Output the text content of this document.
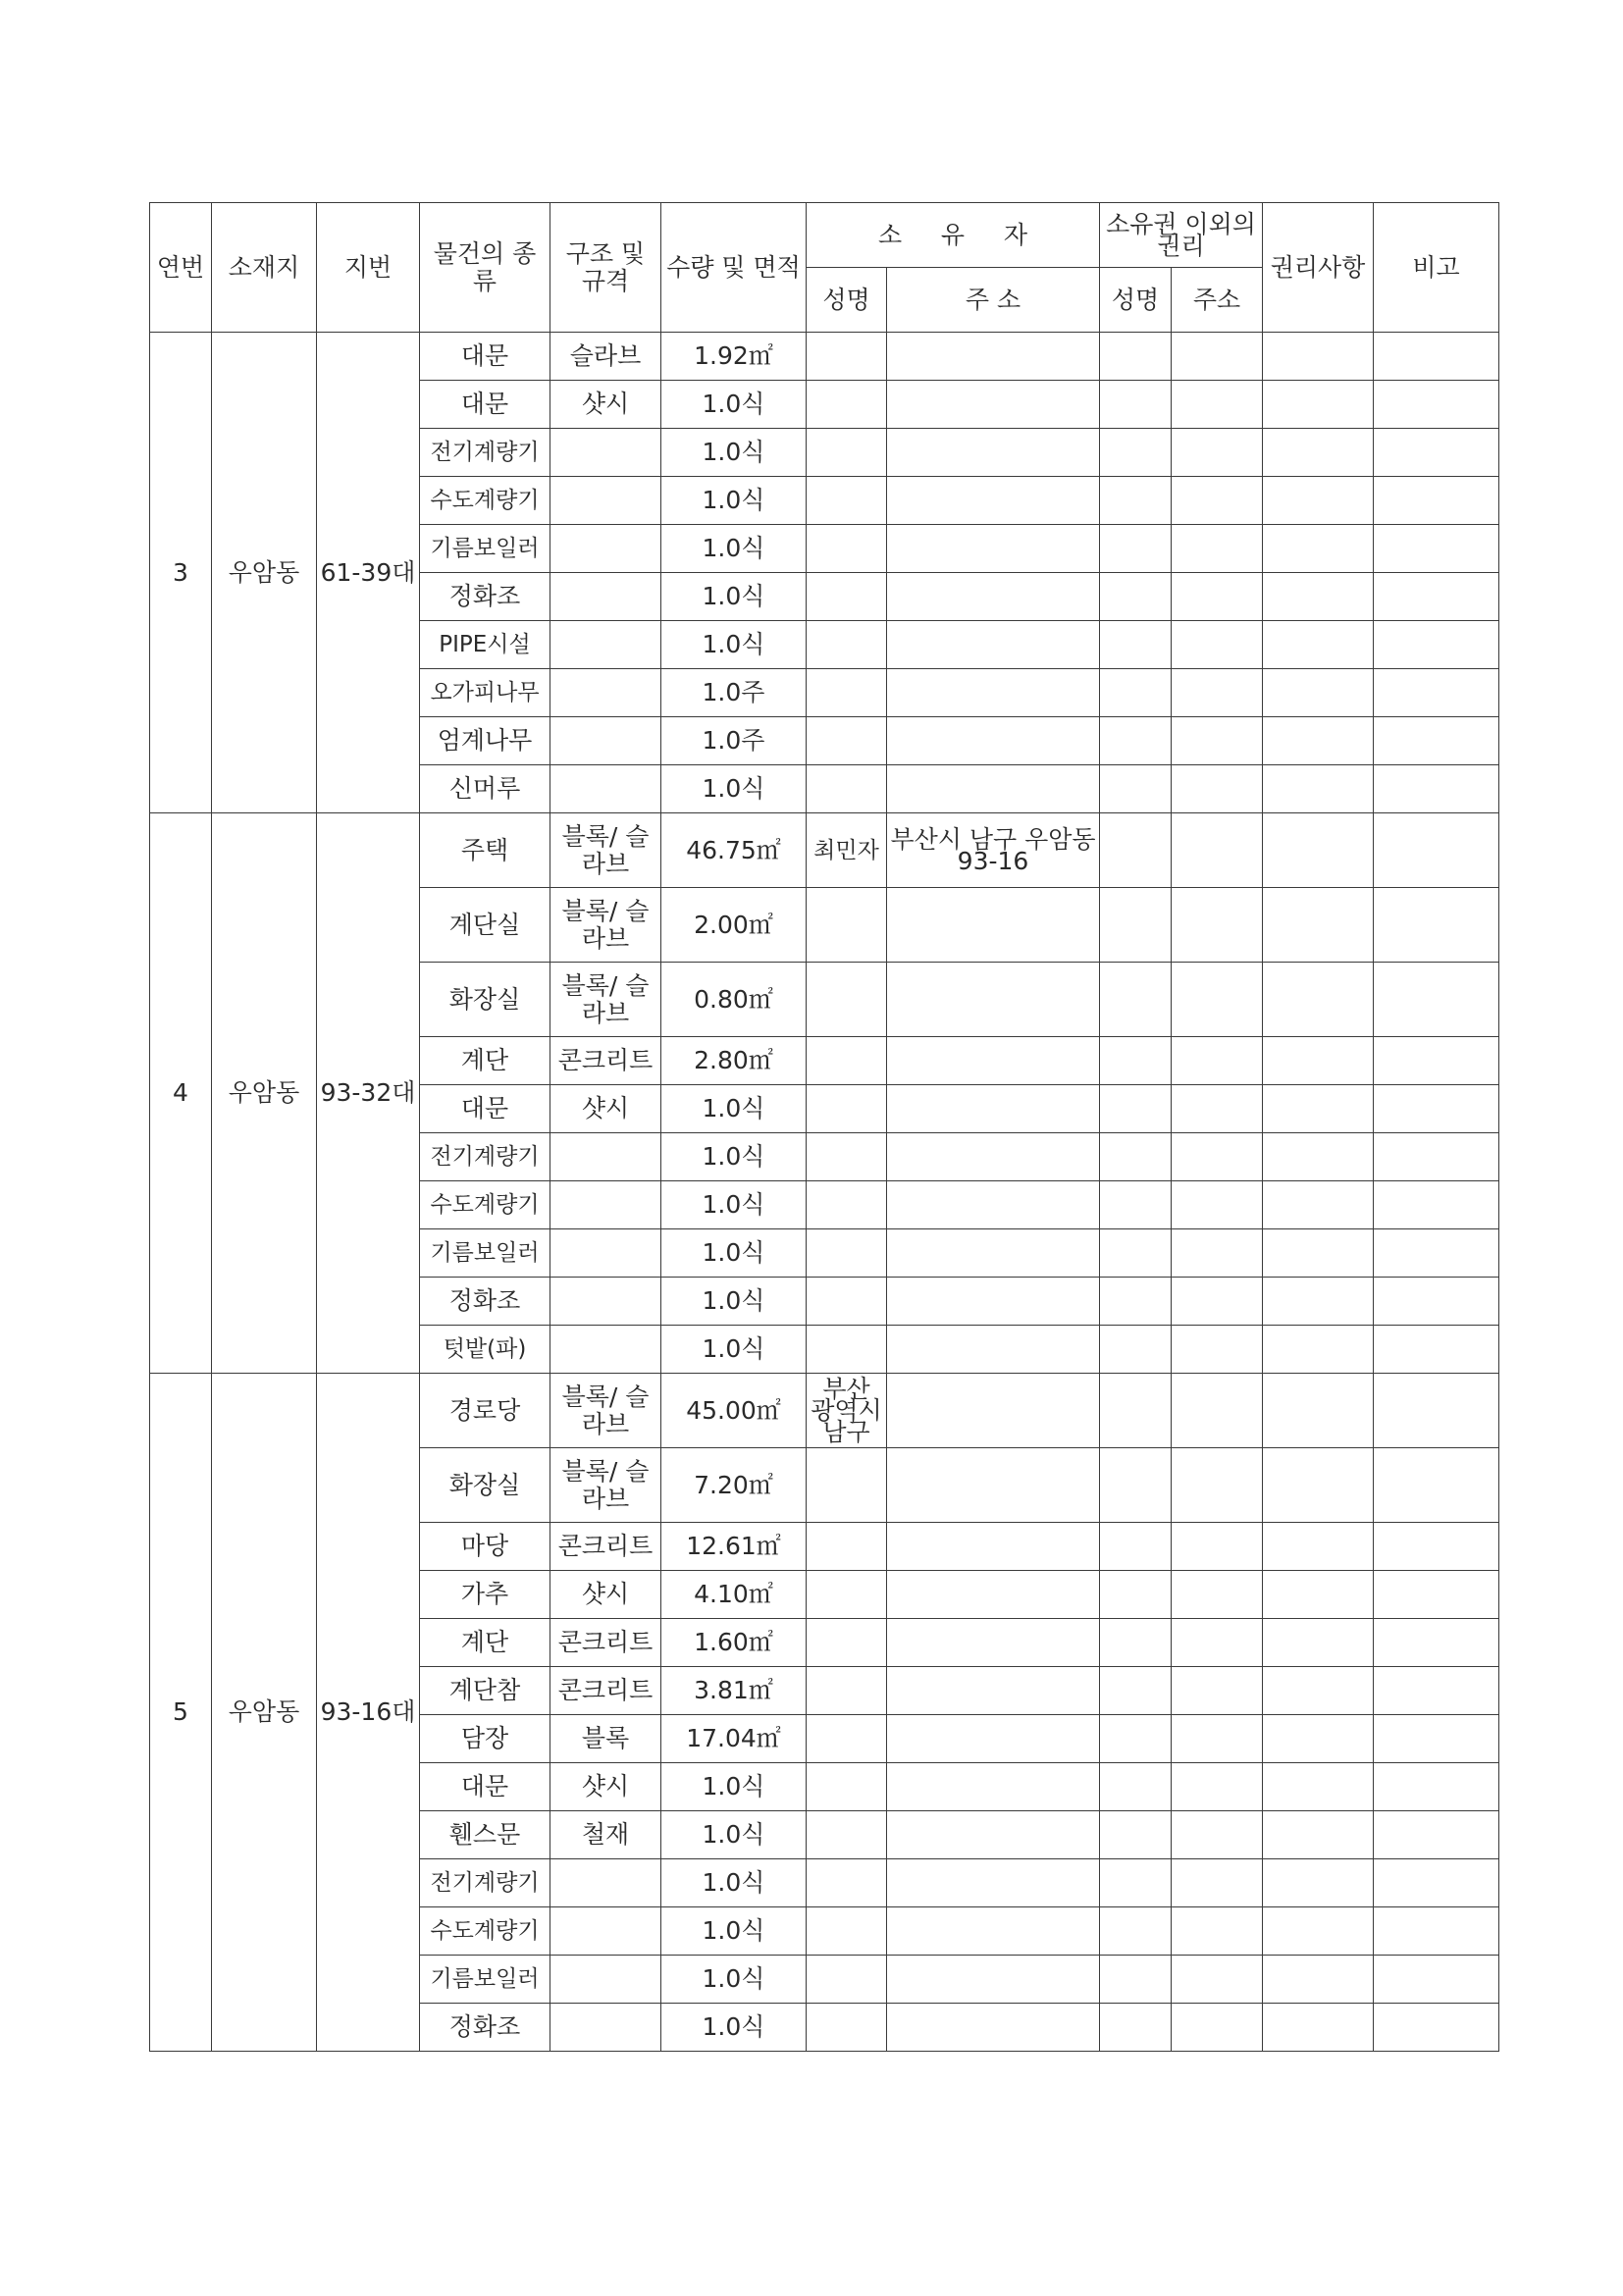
연번	소재지	지번	물건의 종류	구조 및 규격	수량 및 면적	소     유     자		소유권 이외의 권리		권리사항	비고
						성명	주 소	성명	주소		
3	우암동	61-39대	대문	슬라브	1.92㎡						
			대문	샷시	1.0식						
			전기계량기		1.0식						
			수도계량기		1.0식						
			기름보일러		1.0식						
			정화조		1.0식						
			PIPE시설		1.0식						
			오가피나무		1.0주						
			엄계나무		1.0주						
			신머루		1.0식						
4	우암동	93-32대	주택	블록/ 슬라브	46.75㎡	최민자	부산시 남구 우암동 93-16				
			계단실	블록/ 슬라브	2.00㎡						
			화장실	블록/ 슬라브	0.80㎡						
			계단	콘크리트	2.80㎡						
			대문	샷시	1.0식						
			전기계량기		1.0식						
			수도계량기		1.0식						
			기름보일러		1.0식						
			정화조		1.0식						
			텃밭(파)		1.0식						
5	우암동	93-16대	경로당	블록/ 슬라브	45.00㎡	부산 광역시 남구					
			화장실	블록/ 슬라브	7.20㎡						
			마당	콘크리트	12.61㎡						
			가추	샷시	4.10㎡						
			계단	콘크리트	1.60㎡						
			계단참	콘크리트	3.81㎡						
			담장	블록	17.04㎡						
			대문	샷시	1.0식						
			휀스문	철재	1.0식						
			전기계량기		1.0식						
			수도계량기		1.0식						
			기름보일러		1.0식						
			정화조		1.0식						
